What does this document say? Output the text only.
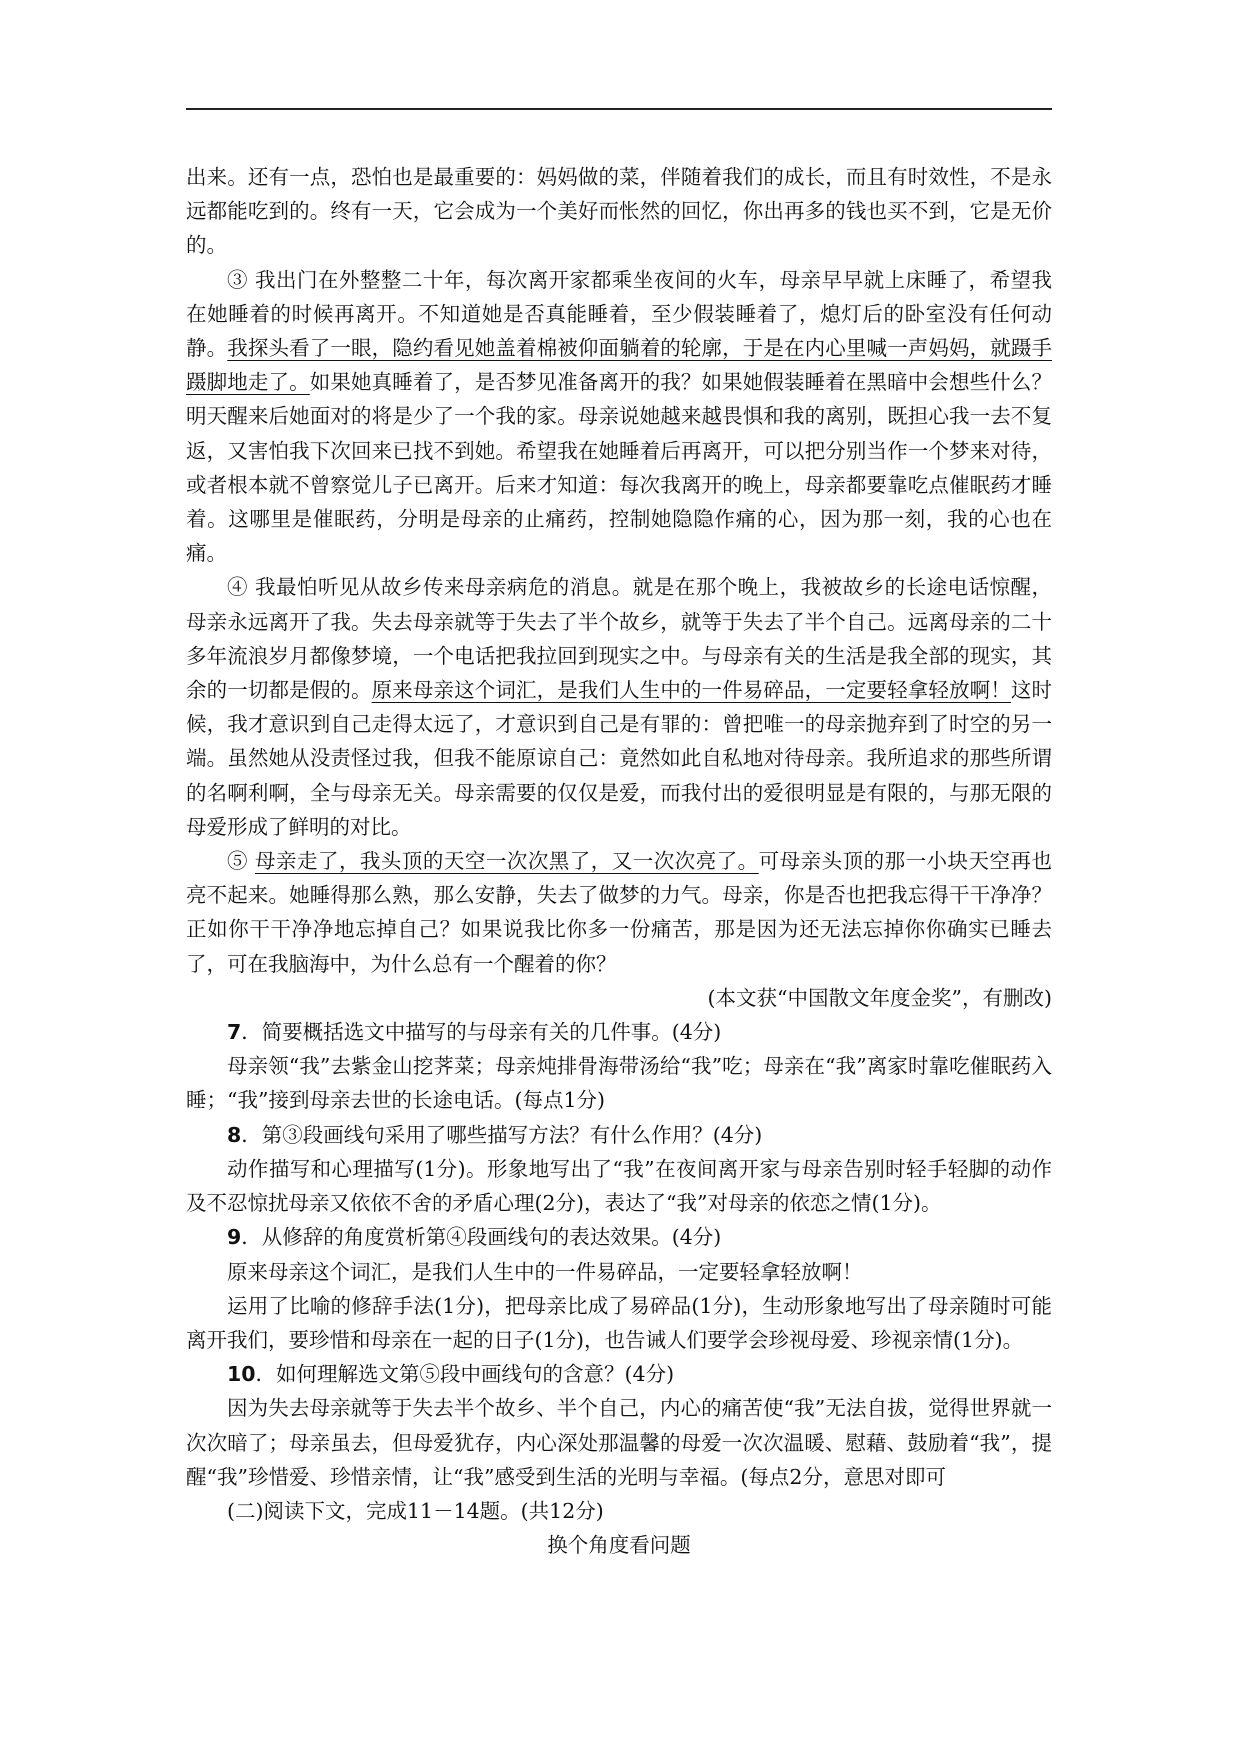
出来。还有一点，恐怕也是最重要的：妈妈做的菜，伴随着我们的成长，而且有时效性，不是永远都能吃到的。终有一天，它会成为一个美好而怅然的回忆，你出再多的钱也买不到，它是无价的。

③ 我出门在外整整二十年，每次离开家都乘坐夜间的火车，母亲早早就上床睡了，希望我在她睡着的时候再离开。不知道她是否真能睡着，至少假装睡着了，熄灯后的卧室没有任何动静。我探头看了一眼，隐约看见她盖着棉被仰面躺着的轮廓，于是在内心里喊一声妈妈，就蹑手蹑脚地走了。如果她真睡着了，是否梦见准备离开的我？如果她假装睡着在黑暗中会想些什么？明天醒来后她面对的将是少了一个我的家。母亲说她越来越畏惧和我的离别，既担心我一去不复返，又害怕我下次回来已找不到她。希望我在她睡着后再离开，可以把分别当作一个梦来对待，或者根本就不曾察觉儿子已离开。后来才知道：每次我离开的晚上，母亲都要靠吃点催眠药才睡着。这哪里是催眠药，分明是母亲的止痛药，控制她隐隐作痛的心，因为那一刻，我的心也在痛。

④ 我最怕听见从故乡传来母亲病危的消息。就是在那个晚上，我被故乡的长途电话惊醒，母亲永远离开了我。失去母亲就等于失去了半个故乡，就等于失去了半个自己。远离母亲的二十多年流浪岁月都像梦境，一个电话把我拉回到现实之中。与母亲有关的生活是我全部的现实，其余的一切都是假的。原来母亲这个词汇，是我们人生中的一件易碎品，一定要轻拿轻放啊！这时候，我才意识到自己走得太远了，才意识到自己是有罪的：曾把唯一的母亲抛弃到了时空的另一端。虽然她从没责怪过我，但我不能原谅自己：竟然如此自私地对待母亲。我所追求的那些所谓的名啊利啊，全与母亲无关。母亲需要的仅仅是爱，而我付出的爱很明显是有限的，与那无限的母爱形成了鲜明的对比。

⑤ 母亲走了，我头顶的天空一次次黑了，又一次次亮了。可母亲头顶的那一小块天空再也亮不起来。她睡得那么熟，那么安静，失去了做梦的力气。母亲，你是否也把我忘得干干净净？正如你干干净净地忘掉自己？如果说我比你多一份痛苦，那是因为还无法忘掉你你确实已睡去了，可在我脑海中，为什么总有一个醒着的你？

(本文获“中国散文年度金奖”，有删改)

7．简要概括选文中描写的与母亲有关的几件事。(4分)

母亲领“我”去紫金山挖荠菜；母亲炖排骨海带汤给“我”吃；母亲在“我”离家时靠吃催眠药入睡；“我”接到母亲去世的长途电话。(每点1分)

8．第③段画线句采用了哪些描写方法？有什么作用？(4分)

动作描写和心理描写(1分)。形象地写出了“我”在夜间离开家与母亲告别时轻手轻脚的动作及不忍惊扰母亲又依依不舍的矛盾心理(2分)，表达了“我”对母亲的依恋之情(1分)。

9．从修辞的角度赏析第④段画线句的表达效果。(4分)

原来母亲这个词汇，是我们人生中的一件易碎品，一定要轻拿轻放啊！

运用了比喻的修辞手法(1分)，把母亲比成了易碎品(1分)，生动形象地写出了母亲随时可能离开我们，要珍惜和母亲在一起的日子(1分)，也告诫人们要学会珍视母爱、珍视亲情(1分)。

10．如何理解选文第⑤段中画线句的含意？(4分)

因为失去母亲就等于失去半个故乡、半个自己，内心的痛苦使“我”无法自拔，觉得世界就一次次暗了；母亲虽去，但母爱犹存，内心深处那温馨的母爱一次次温暖、慰藉、鼓励着“我”，提醒“我”珍惜爱、珍惜亲情，让“我”感受到生活的光明与幸福。(每点2分，意思对即可

(二)阅读下文，完成11－14题。(共12分)

换个角度看问题
